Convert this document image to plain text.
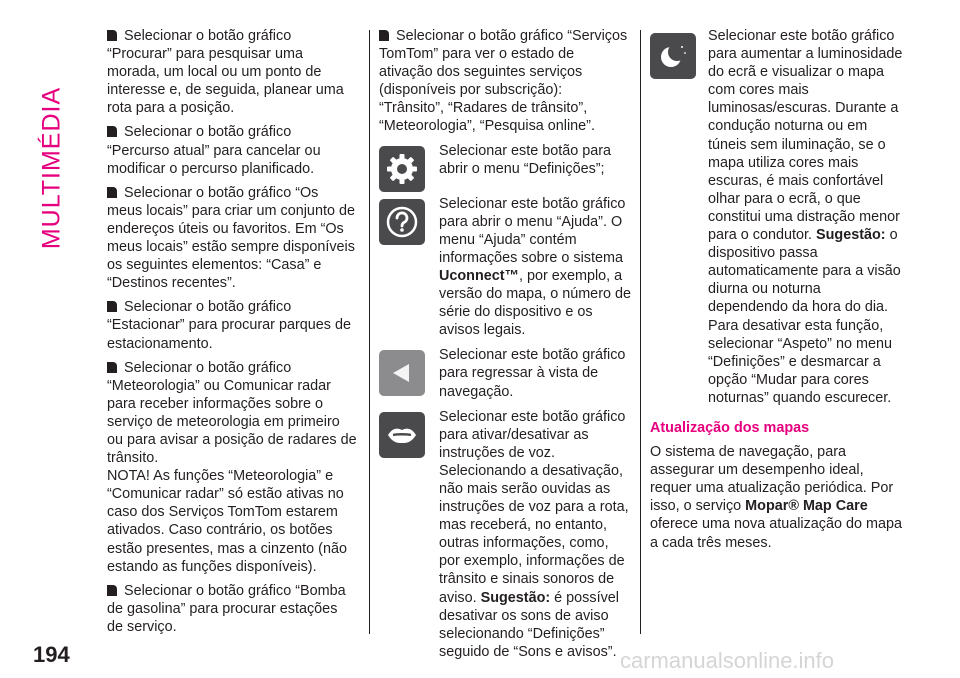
MULTIMÉDIA
194	carmanualsonline.info

Selecionar o botão gráfico “Procurar” para pesquisar uma morada, um local ou um ponto de interesse e, de seguida, planear uma rota para a posição.

Selecionar o botão gráfico “Percurso atual” para cancelar ou modificar o percurso planificado.

Selecionar o botão gráfico “Os meus locais” para criar um conjunto de endereços úteis ou favoritos. Em “Os meus locais” estão sempre disponíveis os seguintes elementos: “Casa” e “Destinos recentes”.

Selecionar o botão gráfico “Estacionar” para procurar parques de estacionamento.

Selecionar o botão gráfico “Meteorologia” ou Comunicar radar para receber informações sobre o serviço de meteorologia em primeiro ou para avisar a posição de radares de trânsito.

NOTA! As funções “Meteorologia” e “Comunicar radar” só estão ativas no caso dos Serviços TomTom estarem ativados. Caso contrário, os botões estão presentes, mas a cinzento (não estando as funções disponíveis).

Selecionar o botão gráfico “Bomba de gasolina” para procurar estações de serviço.

Selecionar o botão gráfico “Serviços TomTom” para ver o estado de ativação dos seguintes serviços (disponíveis por subscrição): “Trânsito”, “Radares de trânsito”, “Meteorologia”, “Pesquisa online”.

Selecionar este botão para abrir o menu “Definições”;
Selecionar este botão gráfico para abrir o menu “Ajuda”. O menu “Ajuda” contém informações sobre o sistema Uconnect™, por exemplo, a versão do mapa, o número de série do dispositivo e os avisos legais.
Selecionar este botão gráfico para regressar à vista de navegação.
Selecionar este botão gráfico para ativar/desativar as instruções de voz. Selecionando a desativação, não mais serão ouvidas as instruções de voz para a rota, mas receberá, no entanto, outras informações, como, por exemplo, informações de trânsito e sinais sonoros de aviso. Sugestão: é possível desativar os sons de aviso selecionando “Definições” seguido de “Sons e avisos”.
Selecionar este botão gráfico para aumentar a luminosidade do ecrã e visualizar o mapa com cores mais luminosas/escuras. Durante a condução noturna ou em túneis sem iluminação, se o mapa utiliza cores mais escuras, é mais confortável olhar para o ecrã, o que constitui uma distração menor para o condutor. Sugestão: o dispositivo passa automaticamente para a visão diurna ou noturna dependendo da hora do dia. Para desativar esta função, selecionar “Aspeto” no menu “Definições” e desmarcar a opção “Mudar para cores noturnas” quando escurecer.
Atualização dos mapas

O sistema de navegação, para assegurar um desempenho ideal, requer uma atualização periódica. Por isso, o serviço Mopar® Map Care oferece uma nova atualização do mapa a cada três meses.
